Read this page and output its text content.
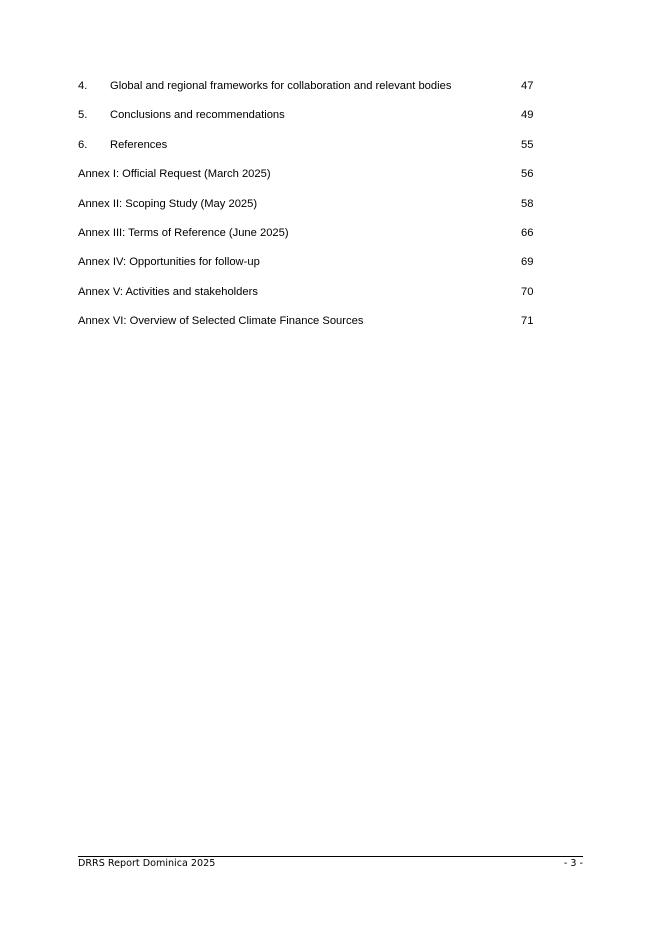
4. Global and regional frameworks for collaboration and relevant bodies	47
5. Conclusions and recommendations	49
6. References	55
Annex I: Official Request (March 2025)	56
Annex II: Scoping Study (May 2025)	58
Annex III: Terms of Reference (June 2025)	66
Annex IV: Opportunities for follow-up	69
Annex V: Activities and stakeholders	70
Annex VI: Overview of Selected Climate Finance Sources	71
DRRS Report Dominica 2025	- 3 -
